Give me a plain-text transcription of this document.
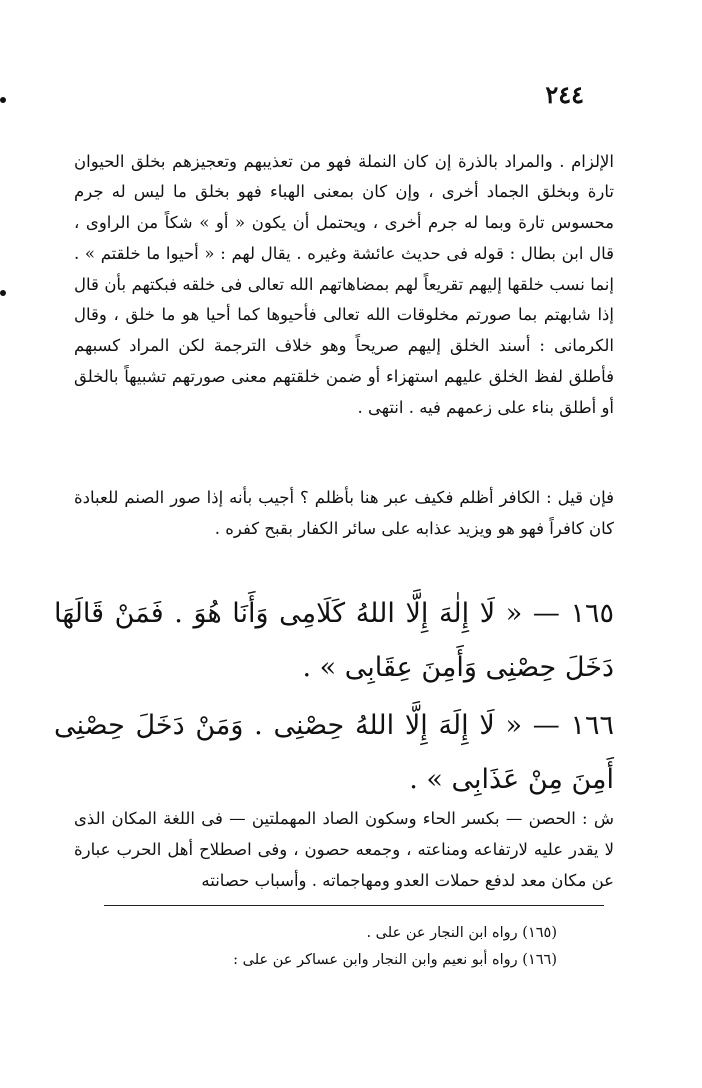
٢٤٤

الإلزام . والمراد بالذرة إن كان النملة فهو من تعذيبهم وتعجيزهم بخلق الحيوان تارة وبخلق الجماد أخرى ، وإن كان بمعنى الهباء فهو بخلق ما ليس له جرم محسوس تارة وبما له جرم أخرى ، ويحتمل أن يكون « أو » شكاً من الراوى ، قال ابن بطال : قوله فى حديث عائشة وغيره . يقال لهم : « أحيوا ما خلقتم » . إنما نسب خلقها إليهم تقريعاً لهم بمضاهاتهم الله تعالى فى خلقه فبكتهم بأن قال إذا شابهتم بما صورتم مخلوقات الله تعالى فأحيوها كما أحيا هو ما خلق ، وقال الكرمانى : أسند الخلق إليهم صريحاً وهو خلاف الترجمة لكن المراد كسبهم فأطلق لفظ الخلق عليهم استهزاء أو ضمن خلقتهم معنى صورتهم تشبيهاً بالخلق أو أطلق بناء على زعمهم فيه . انتهى .

فإن قيل : الكافر أظلم فكيف عبر هنا بأظلم ؟ أجيب بأنه إذا صور الصنم للعبادة كان كافراً فهو هو ويزيد عذابه على سائر الكفار بقبح كفره .

١٦٥ — « لَا إِلٰهَ إِلَّا اللهُ كَلَامِى وَأَنَا هُوَ . فَمَنْ قَالَهَا دَخَلَ حِصْنِى وَأَمِنَ عِقَابِى » .

١٦٦ — « لَا إِلَهَ إِلَّا اللهُ حِصْنِى . وَمَنْ دَخَلَ حِصْنِى أَمِنَ مِنْ عَذَابِى » .

ش : الحصن — بكسر الحاء وسكون الصاد المهملتين — فى اللغة المكان الذى لا يقدر عليه لارتفاعه ومناعته ، وجمعه حصون ، وفى اصطلاح أهل الحرب عبارة عن مكان معد لدفع حملات العدو ومهاجماته . وأسباب حصانته

(١٦٥) رواه ابن النجار عن على .

(١٦٦) رواه أبو نعيم وابن النجار وابن عساكر عن على :
